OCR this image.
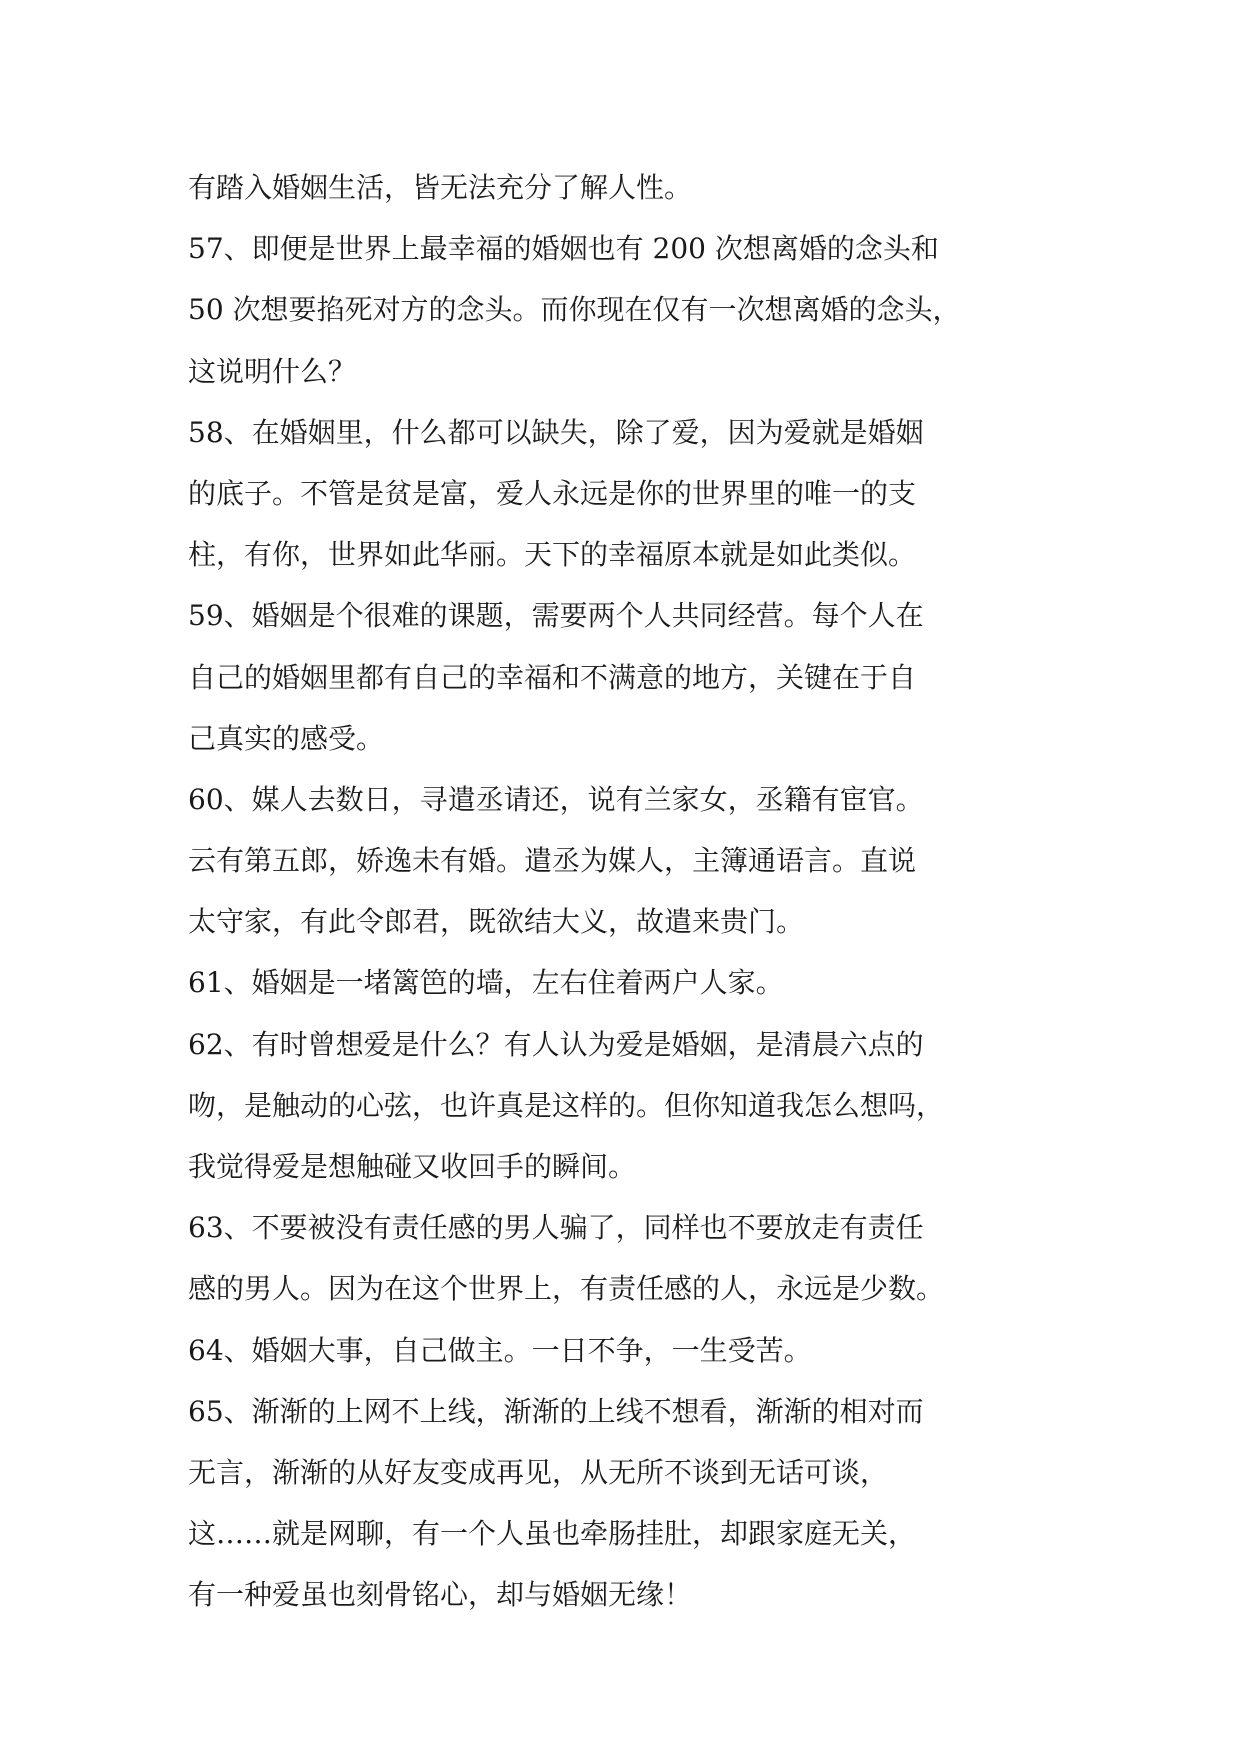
有踏入婚姻生活，皆无法充分了解人性。
57、即便是世界上最幸福的婚姻也有 200 次想离婚的念头和
50 次想要掐死对方的念头。而你现在仅有一次想离婚的念头，
这说明什么？
58、在婚姻里，什么都可以缺失，除了爱，因为爱就是婚姻
的底子。不管是贫是富，爱人永远是你的世界里的唯一的支
柱，有你，世界如此华丽。天下的幸福原本就是如此类似。
59、婚姻是个很难的课题，需要两个人共同经营。每个人在
自己的婚姻里都有自己的幸福和不满意的地方，关键在于自
己真实的感受。
60、媒人去数日，寻遣丞请还，说有兰家女，丞籍有宦官。
云有第五郎，娇逸未有婚。遣丞为媒人，主簿通语言。直说
太守家，有此令郎君，既欲结大义，故遣来贵门。
61、婚姻是一堵篱笆的墙，左右住着两户人家。
62、有时曾想爱是什么？有人认为爱是婚姻，是清晨六点的
吻，是触动的心弦，也许真是这样的。但你知道我怎么想吗，
我觉得爱是想触碰又收回手的瞬间。
63、不要被没有责任感的男人骗了，同样也不要放走有责任
感的男人。因为在这个世界上，有责任感的人，永远是少数。
64、婚姻大事，自己做主。一日不争，一生受苦。
65、渐渐的上网不上线，渐渐的上线不想看，渐渐的相对而
无言，渐渐的从好友变成再见，从无所不谈到无话可谈，
这……就是网聊，有一个人虽也牵肠挂肚，却跟家庭无关，
有一种爱虽也刻骨铭心，却与婚姻无缘！
